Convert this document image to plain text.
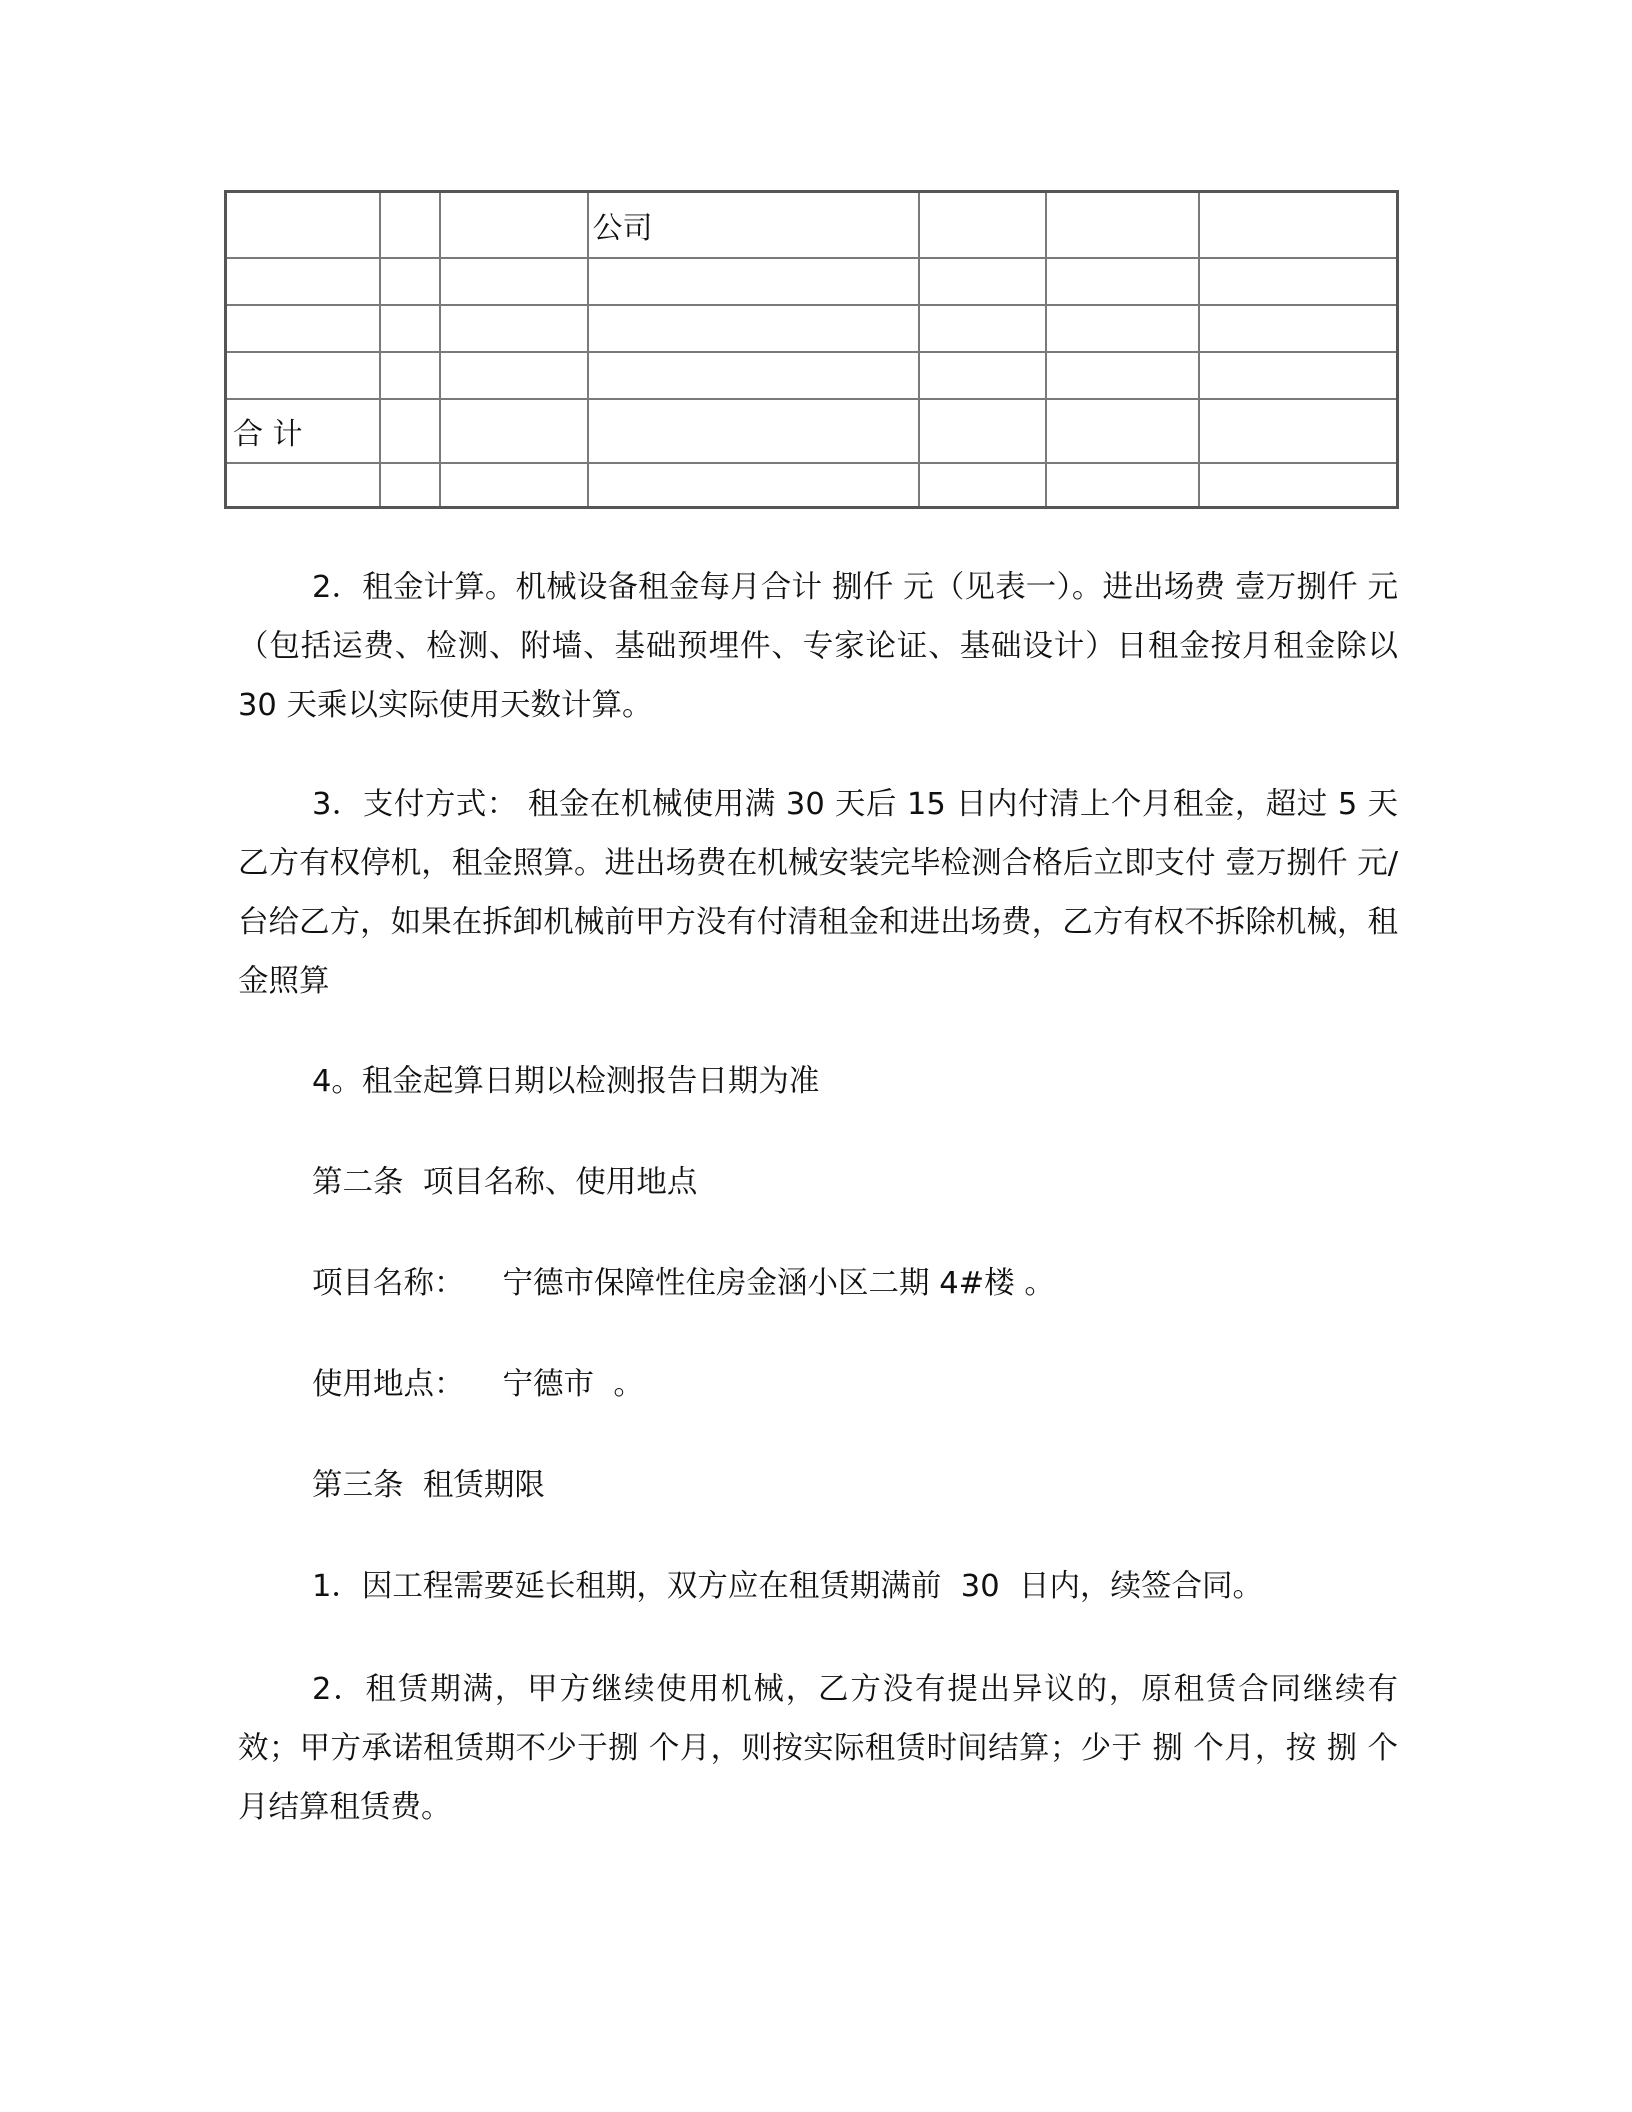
			公司			

合 计						

2．租金计算。机械设备租金每月合计 捌仟 元（见表一）。进出场费 壹万捌仟 元（包括运费、检测、附墙、基础预埋件、专家论证、基础设计）日租金按月租金除以 30 天乘以实际使用天数计算。

3．支付方式： 租金在机械使用满 30 天后 15 日内付清上个月租金，超过 5 天乙方有权停机，租金照算。进出场费在机械安装完毕检测合格后立即支付 壹万捌仟 元/台给乙方，如果在拆卸机械前甲方没有付清租金和进出场费，乙方有权不拆除机械，租金照算

4。租金起算日期以检测报告日期为准

第二条  项目名称、使用地点

项目名称： 宁德市保障性住房金涵小区二期 4#楼 。

使用地点： 宁德市  。

第三条  租赁期限

1．因工程需要延长租期，双方应在租赁期满前  30  日内，续签合同。

2．租赁期满，甲方继续使用机械，乙方没有提出异议的，原租赁合同继续有效；甲方承诺租赁期不少于捌 个月，则按实际租赁时间结算；少于 捌 个月，按 捌 个月结算租赁费。
